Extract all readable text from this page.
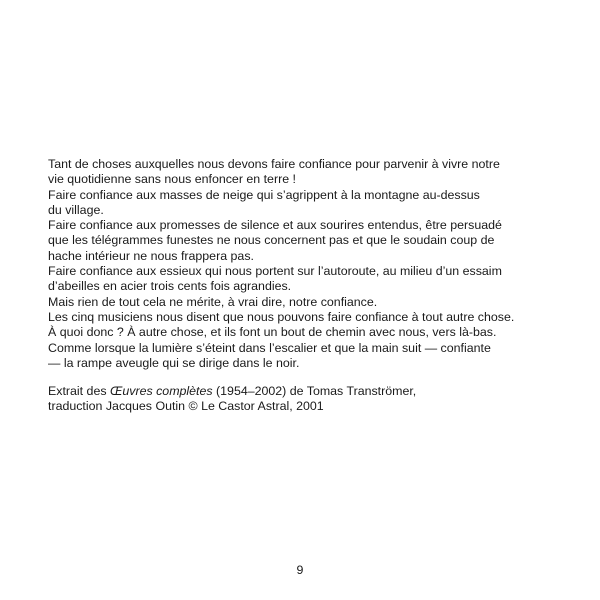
Tant de choses auxquelles nous devons faire confiance pour parvenir à vivre notre
vie quotidienne sans nous enfoncer en terre !

Faire confiance aux masses de neige qui s’agrippent à la montagne au-dessus
du village.

Faire confiance aux promesses de silence et aux sourires entendus, être persuadé
que les télégrammes funestes ne nous concernent pas et que le soudain coup de
hache intérieur ne nous frappera pas.

Faire confiance aux essieux qui nous portent sur l’autoroute, au milieu d’un essaim
d’abeilles en acier trois cents fois agrandies.

Mais rien de tout cela ne mérite, à vrai dire, notre confiance.

Les cinq musiciens nous disent que nous pouvons faire confiance à tout autre chose.
À quoi donc ? À autre chose, et ils font un bout de chemin avec nous, vers là-bas.

Comme lorsque la lumière s’éteint dans l’escalier et que la main suit — confiante
— la rampe aveugle qui se dirige dans le noir.

Extrait des Œuvres complètes (1954–2002) de Tomas Tranströmer,

traduction Jacques Outin © Le Castor Astral, 2001

9
